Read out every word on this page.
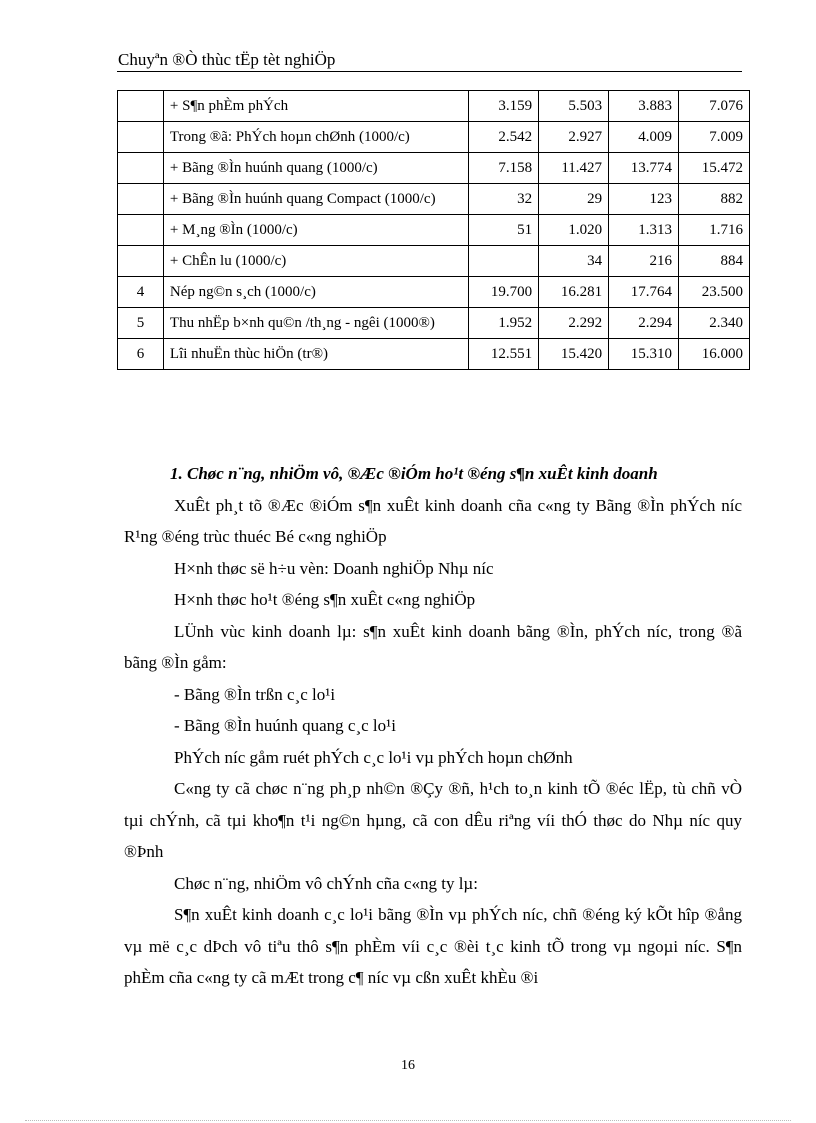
Chuyªn ®Ò thùc tËp tèt nghiÖp
	+ S¶n phÈm phÝch	3.159	5.503	3.883	7.076
	Trong ®ã: PhÝch hoµn chØnh (1000/c)	2.542	2.927	4.009	7.009
	+ Bãng ®Ìn huúnh quang (1000/c)	7.158	11.427	13.774	15.472
	+ Bãng ®Ìn huúnh quang Compact (1000/c)	32	29	123	882
	+ M¸ng ®Ìn (1000/c)	51	1.020	1.313	1.716
	+ ChÊn lu (1000/c)		34	216	884
4	Nép ng©n s¸ch (1000/c)	19.700	16.281	17.764	23.500
5	Thu nhËp b×nh qu©n /th¸ng - ngêi (1000®)	1.952	2.292	2.294	2.340
6	Lîi nhuËn thùc hiÖn (tr®)	12.551	15.420	15.310	16.000

1. Chøc n¨ng, nhiÖm vô, ®Æc ®iÓm ho¹t ®éng s¶n xuÊt kinh doanh

XuÊt ph¸t tõ ®Æc ®iÓm s¶n xuÊt kinh doanh cña c«ng ty Bãng ®Ìn phÝch níc R¹ng ®éng trùc thuéc Bé c«ng nghiÖp

H×nh thøc së h÷u vèn: Doanh nghiÖp Nhµ níc

H×nh thøc ho¹t ®éng s¶n xuÊt c«ng nghiÖp

LÜnh vùc kinh doanh lµ: s¶n xuÊt kinh doanh bãng ®Ìn, phÝch níc, trong ®ã bãng ®Ìn gåm:

- Bãng ®Ìn trßn c¸c lo¹i

- Bãng ®Ìn huúnh quang c¸c lo¹i

PhÝch níc gåm ruét phÝch c¸c lo¹i vµ phÝch hoµn chØnh

C«ng ty cã chøc n¨ng ph¸p nh©n ®Çy ®ñ, h¹ch to¸n kinh tÕ ®éc lËp, tù chñ vÒ tµi chÝnh, cã tµi kho¶n t¹i ng©n hµng, cã con dÊu riªng víi thÓ thøc do Nhµ níc quy ®Þnh

Chøc n¨ng, nhiÖm vô chÝnh cña c«ng ty lµ:

S¶n xuÊt kinh doanh c¸c lo¹i bãng ®Ìn vµ phÝch níc, chñ ®éng ký kÕt hîp ®ång vµ më c¸c dÞch vô tiªu thô s¶n phÈm víi c¸c ®èi t¸c kinh tÕ trong vµ ngoµi níc. S¶n phÈm cña c«ng ty cã mÆt trong c¶ níc vµ cßn xuÊt khÈu ®i

16
